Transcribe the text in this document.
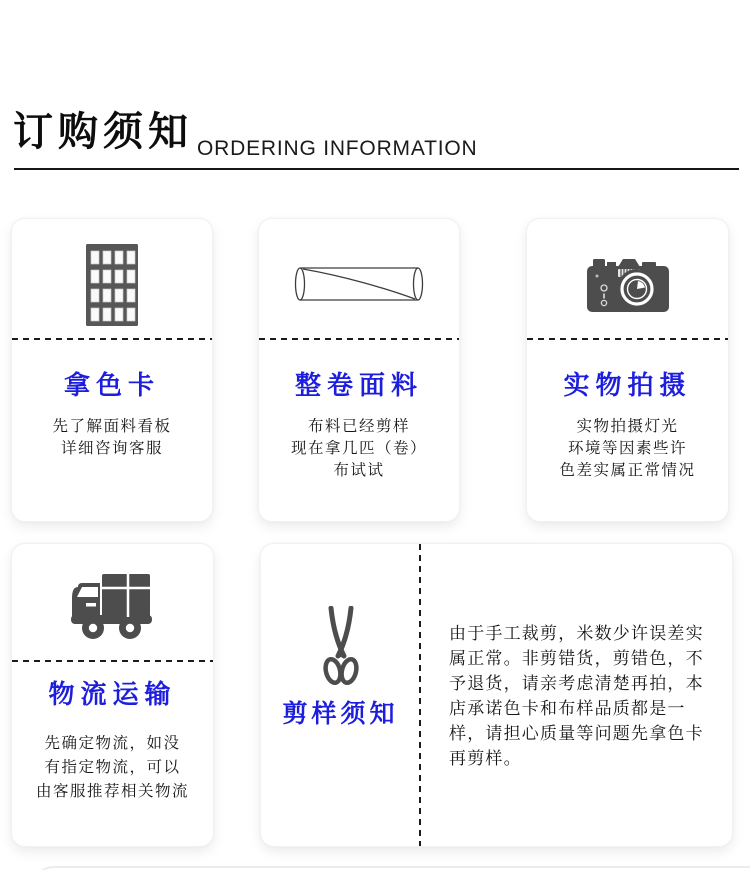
订购须知 ORDERING INFORMATION
拿色卡
先了解面料看板
详细咨询客服
整卷面料
布料已经剪样
现在拿几匹（卷）
布试试
实物拍摄
实物拍摄灯光
环境等因素些许
色差实属正常情况
物流运输
先确定物流，如没
有指定物流，可以
由客服推荐相关物流
剪样须知
由于手工裁剪，米数少许误差实
属正常。非剪错货，剪错色，不
予退货，请亲考虑清楚再拍，本
店承诺色卡和布样品质都是一
样，请担心质量等问题先拿色卡
再剪样。
